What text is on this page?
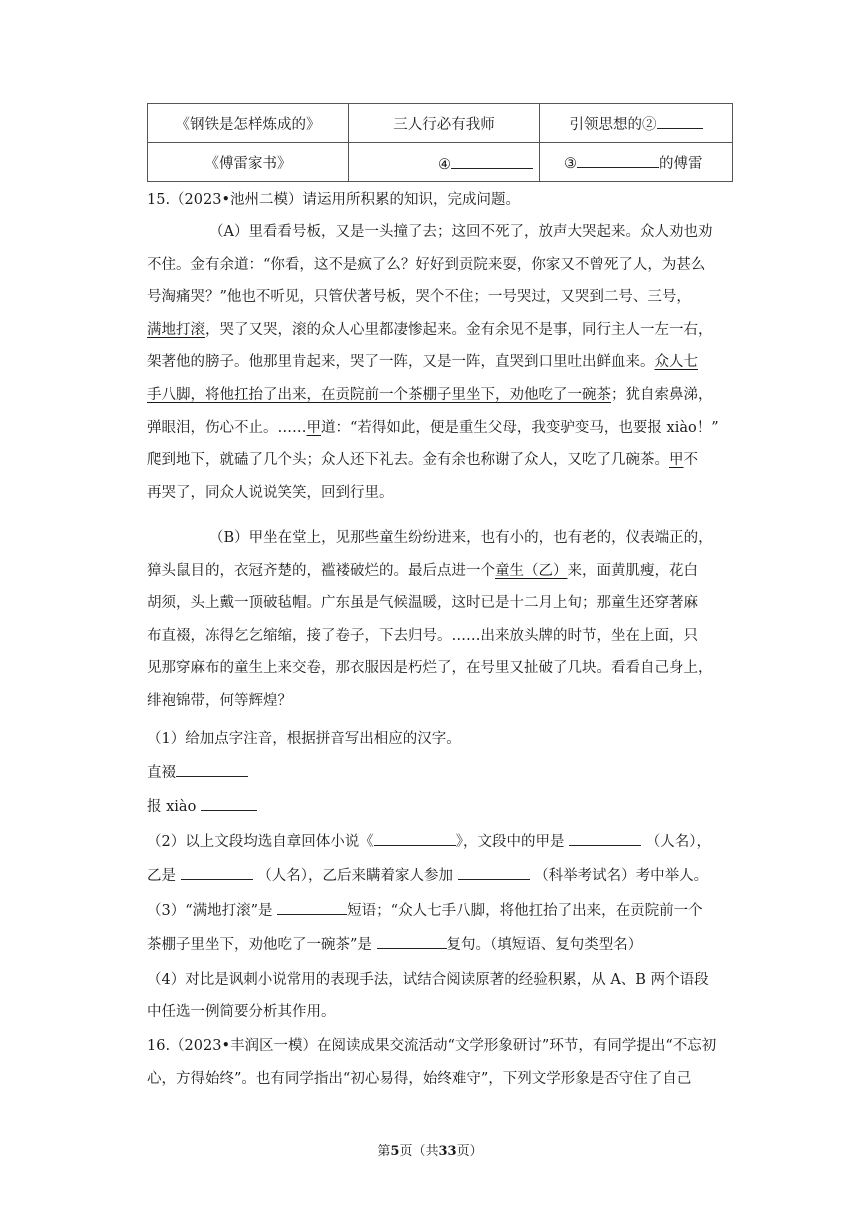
《钢铁是怎样炼成的》	三人行必有我师	引领思想的②
《傅雷家书》	④	③ 的傅雷
15.（2023•池州二模）请运用所积累的知识，完成问题。
（A）里看看号板，又是一头撞了去；这回不死了，放声大哭起来。众人劝也劝
不住。金有余道：“你看，这不是疯了么？好好到贡院来耍，你家又不曾死了人，为甚么
号淘痛哭？”他也不听见，只管伏著号板，哭个不住；一号哭过，又哭到二号、三号，
满地打滚，哭了又哭，滚的众人心里都凄惨起来。金有余见不是事，同行主人一左一右，
架著他的膀子。他那里肯起来，哭了一阵，又是一阵，直哭到口里吐出鲜血来。众人七
手八脚，将他扛抬了出来，在贡院前一个茶棚子里坐下，劝他吃了一碗茶；犹自索鼻涕，
弹眼泪，伤心不止。……甲道：“若得如此，便是重生父母，我变驴变马，也要报 xiào！”
爬到地下，就磕了几个头；众人还下礼去。金有余也称谢了众人，又吃了几碗茶。甲不
再哭了，同众人说说笑笑，回到行里。
（B）甲坐在堂上，见那些童生纷纷进来，也有小的，也有老的，仪表端正的，
獐头鼠目的，衣冠齐楚的，褴褛破烂的。最后点进一个童生（乙）来，面黄肌瘦，花白
胡须，头上戴一顶破毡帽。广东虽是气候温暖，这时已是十二月上旬；那童生还穿著麻
布直裰，冻得乞乞缩缩，接了卷子，下去归号。……出来放头牌的时节，坐在上面，只
见那穿麻布的童生上来交卷，那衣服因是朽烂了，在号里又扯破了几块。看看自己身上，
绯袍锦带，何等辉煌？
（1）给加点字注音，根据拼音写出相应的汉字。
直裰
报 xiào
（2）以上文段均选自章回体小说《	》，文段中的甲是	（人名），
乙是	（人名），乙后来瞒着家人参加	（科举考试名）考中举人。
（3）“满地打滚”是	短语；“众人七手八脚，将他扛抬了出来，在贡院前一个
茶棚子里坐下，劝他吃了一碗茶”是	复句。（填短语、复句类型名）
（4）对比是讽刺小说常用的表现手法，试结合阅读原著的经验积累，从 A、B 两个语段
中任选一例简要分析其作用。
16.（2023•丰润区一模）在阅读成果交流活动“文学形象研讨”环节，有同学提出“不忘初
心，方得始终”。也有同学指出“初心易得，始终难守”，下列文学形象是否守住了自己
第5页（共33页）
